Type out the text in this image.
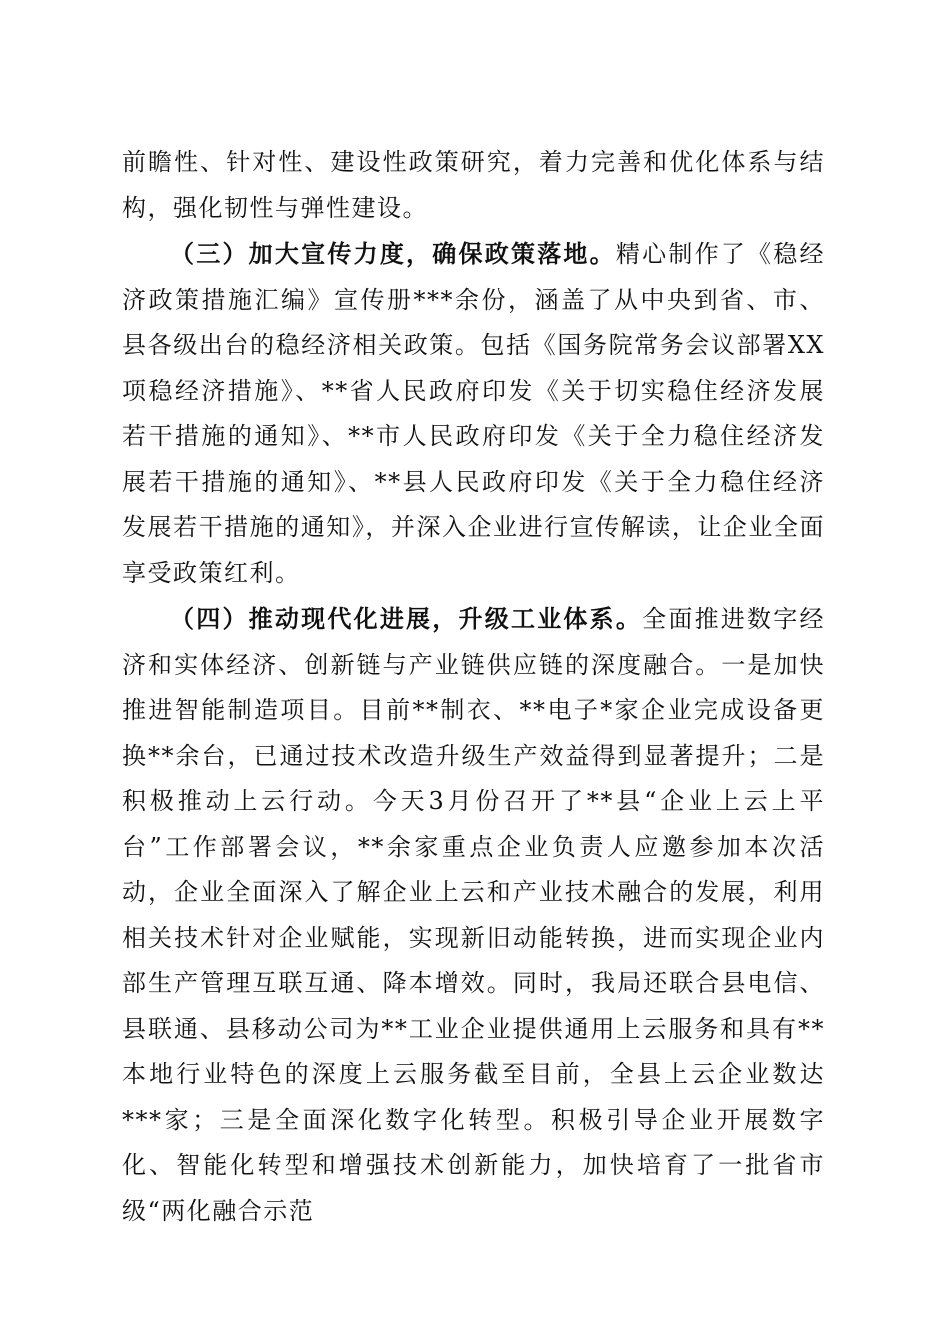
前瞻性、针对性、建设性政策研究，着力完善和优化体系与结构，强化韧性与弹性建设。

（三）加大宣传力度，确保政策落地。精心制作了《稳经济政策措施汇编》宣传册***余份，涵盖了从中央到省、市、县各级出台的稳经济相关政策。包括《国务院常务会议部署XX项稳经济措施》、**省人民政府印发《关于切实稳住经济发展若干措施的通知》、**市人民政府印发《关于全力稳住经济发展若干措施的通知》、**县人民政府印发《关于全力稳住经济发展若干措施的通知》，并深入企业进行宣传解读，让企业全面享受政策红利。

（四）推动现代化进展，升级工业体系。全面推进数字经济和实体经济、创新链与产业链供应链的深度融合。一是加快推进智能制造项目。目前**制衣、**电子*家企业完成设备更换**余台，已通过技术改造升级生产效益得到显著提升；二是积极推动上云行动。今天3月份召开了**县“企业上云上平台”工作部署会议，**余家重点企业负责人应邀参加本次活动，企业全面深入了解企业上云和产业技术融合的发展，利用相关技术针对企业赋能，实现新旧动能转换，进而实现企业内部生产管理互联互通、降本增效。同时，我局还联合县电信、县联通、县移动公司为**工业企业提供通用上云服务和具有**本地行业特色的深度上云服务截至目前，全县上云企业数达***家；三是全面深化数字化转型。积极引导企业开展数字化、智能化转型和增强技术创新能力，加快培育了一批省市级“两化融合示范
